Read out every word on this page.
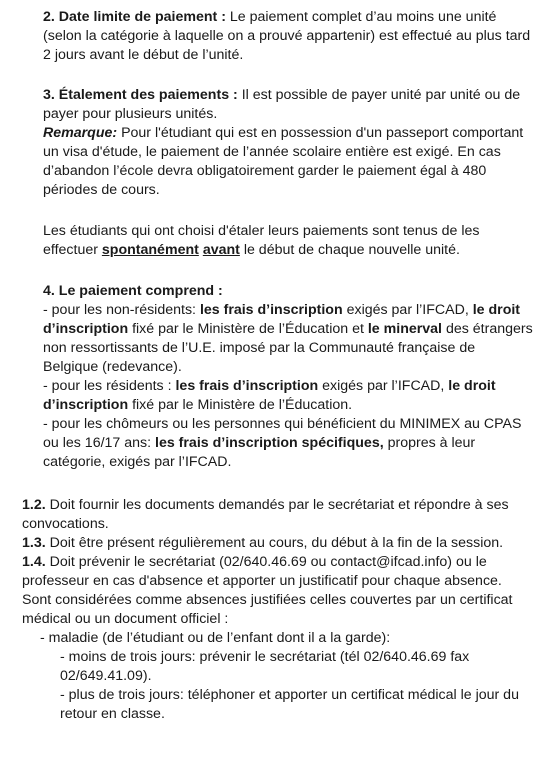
2. Date limite de paiement : Le paiement complet d’au moins une unité (selon la catégorie à laquelle on a prouvé appartenir) est effectué au plus tard 2 jours avant le début de l’unité.

3. Étalement des paiements : Il est possible de payer unité par unité ou de payer pour plusieurs unités.

Remarque: Pour l'étudiant qui est en possession d'un passeport comportant un visa d'étude, le paiement de l’année scolaire entière est exigé. En cas d’abandon l’école devra obligatoirement garder le paiement égal à 480 périodes de cours.

Les étudiants qui ont choisi d'étaler leurs paiements sont tenus de les effectuer spontanément avant le début de chaque nouvelle unité.

4. Le paiement comprend :

- pour les non-résidents: les frais d’inscription exigés par l’IFCAD, le droit d’inscription fixé par le Ministère de l’Éducation et le minerval des étrangers non ressortissants de l’U.E. imposé par la Communauté française de Belgique (redevance).

- pour les résidents : les frais d’inscription exigés par l’IFCAD, le droit d’inscription fixé par le Ministère de l’Éducation.

- pour les chômeurs ou les personnes qui bénéficient du MINIMEX au CPAS ou les 16/17 ans: les frais d’inscription spécifiques, propres à leur catégorie, exigés par l’IFCAD.

1.2. Doit fournir les documents demandés par le secrétariat et répondre à ses convocations.

1.3. Doit être présent régulièrement au cours, du début à la fin de la session.

1.4. Doit prévenir le secrétariat (02/640.46.69 ou contact@ifcad.info) ou le professeur en cas d'absence et apporter un justificatif pour chaque absence. Sont considérées comme absences justifiées celles couvertes par un certificat médical ou un document officiel :

- maladie (de l’étudiant ou de l’enfant dont il a la garde):

- moins de trois jours: prévenir le secrétariat (tél 02/640.46.69 fax 02/649.41.09).

- plus de trois jours: téléphoner et apporter un certificat médical le jour du retour en classe.
